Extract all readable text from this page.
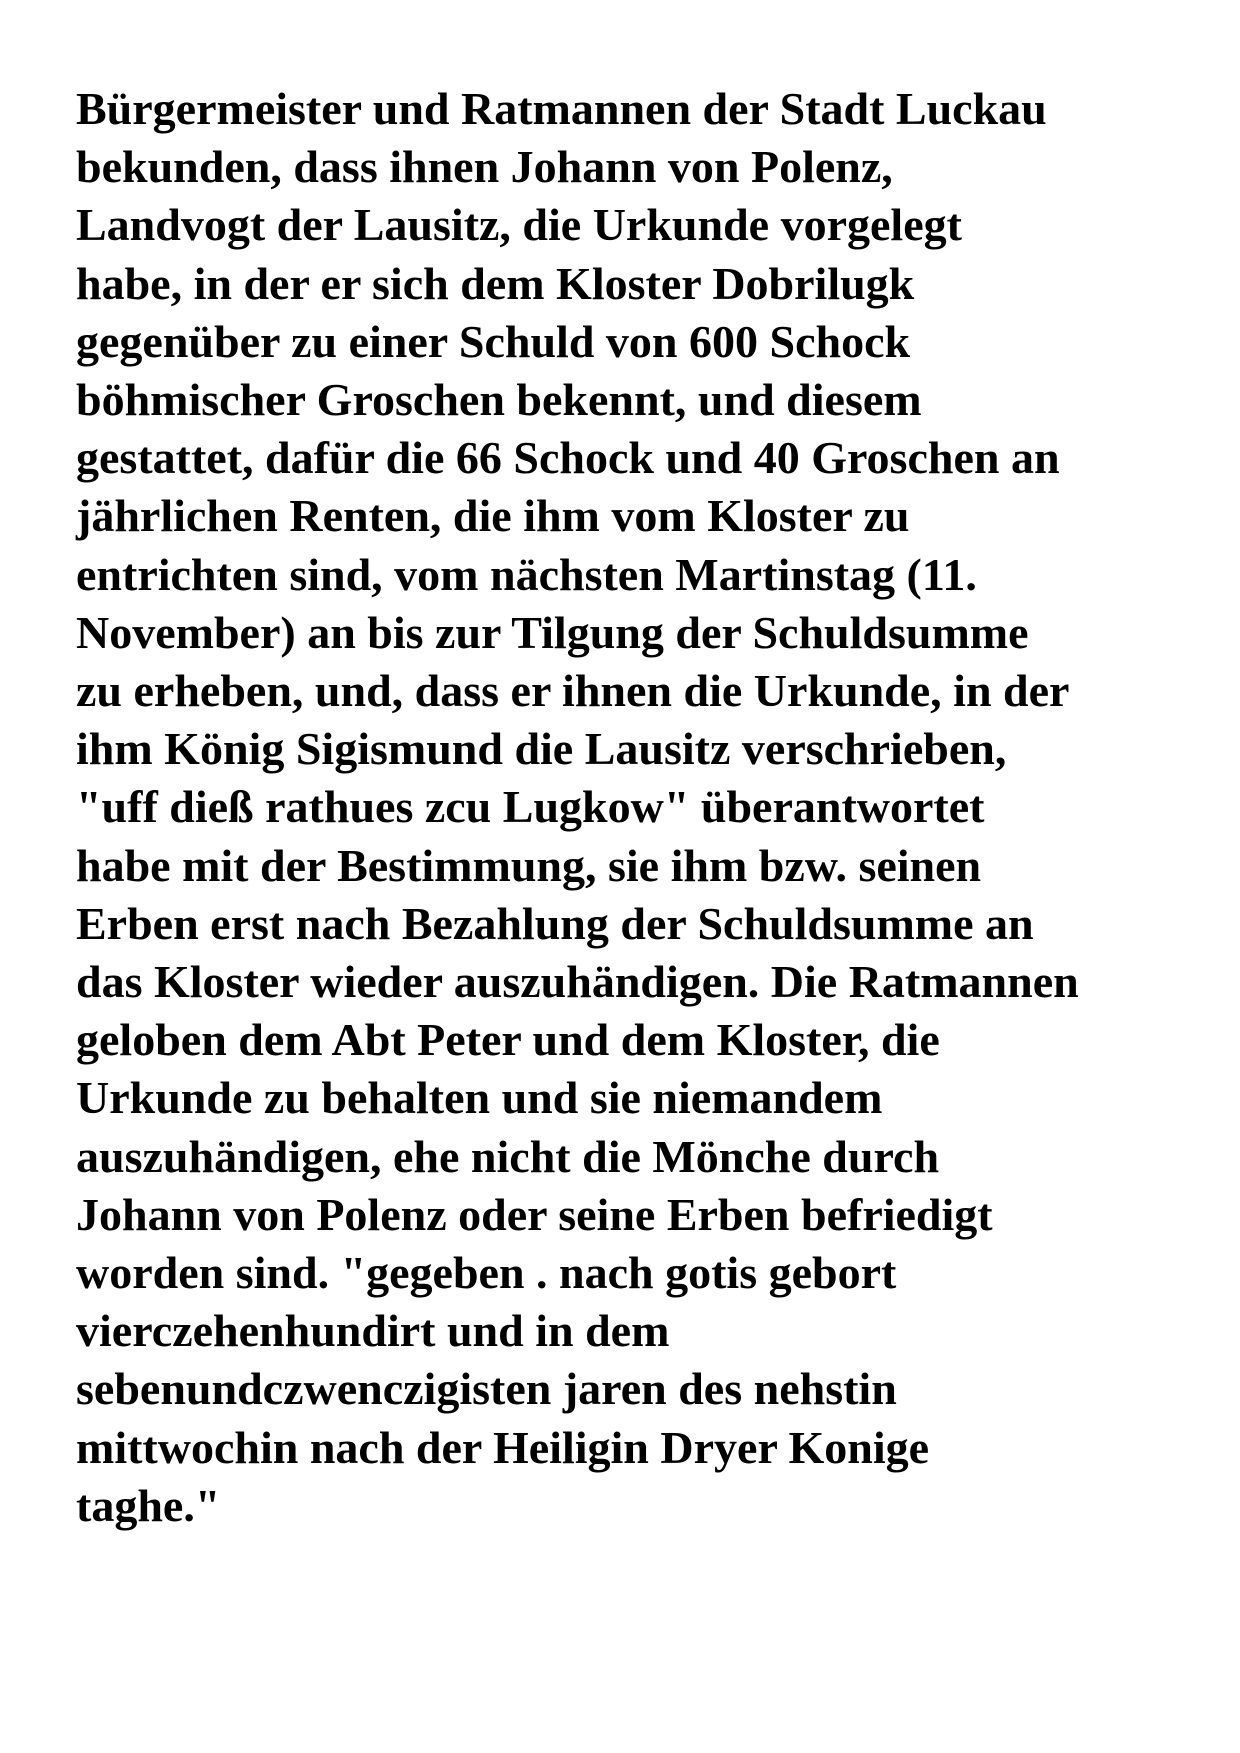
Bürgermeister und Ratmannen der Stadt Luckau
bekunden, dass ihnen Johann von Polenz,
Landvogt der Lausitz, die Urkunde vorgelegt
habe, in der er sich dem Kloster Dobrilugk
gegenüber zu einer Schuld von 600 Schock
böhmischer Groschen bekennt, und diesem
gestattet, dafür die 66 Schock und 40 Groschen an
jährlichen Renten, die ihm vom Kloster zu
entrichten sind, vom nächsten Martinstag (11.
November) an bis zur Tilgung der Schuldsumme
zu erheben, und, dass er ihnen die Urkunde, in der
ihm König Sigismund die Lausitz verschrieben,
"uff dieß rathues zcu Lugkow" überantwortet
habe mit der Bestimmung, sie ihm bzw. seinen
Erben erst nach Bezahlung der Schuldsumme an
das Kloster wieder auszuhändigen. Die Ratmannen
geloben dem Abt Peter und dem Kloster, die
Urkunde zu behalten und sie niemandem
auszuhändigen, ehe nicht die Mönche durch
Johann von Polenz oder seine Erben befriedigt
worden sind. "gegeben . nach gotis gebort
vierczehenhundirt und in dem
sebenundczwenczigisten jaren des nehstin
mittwochin nach der Heiligin Dryer Konige
taghe."
